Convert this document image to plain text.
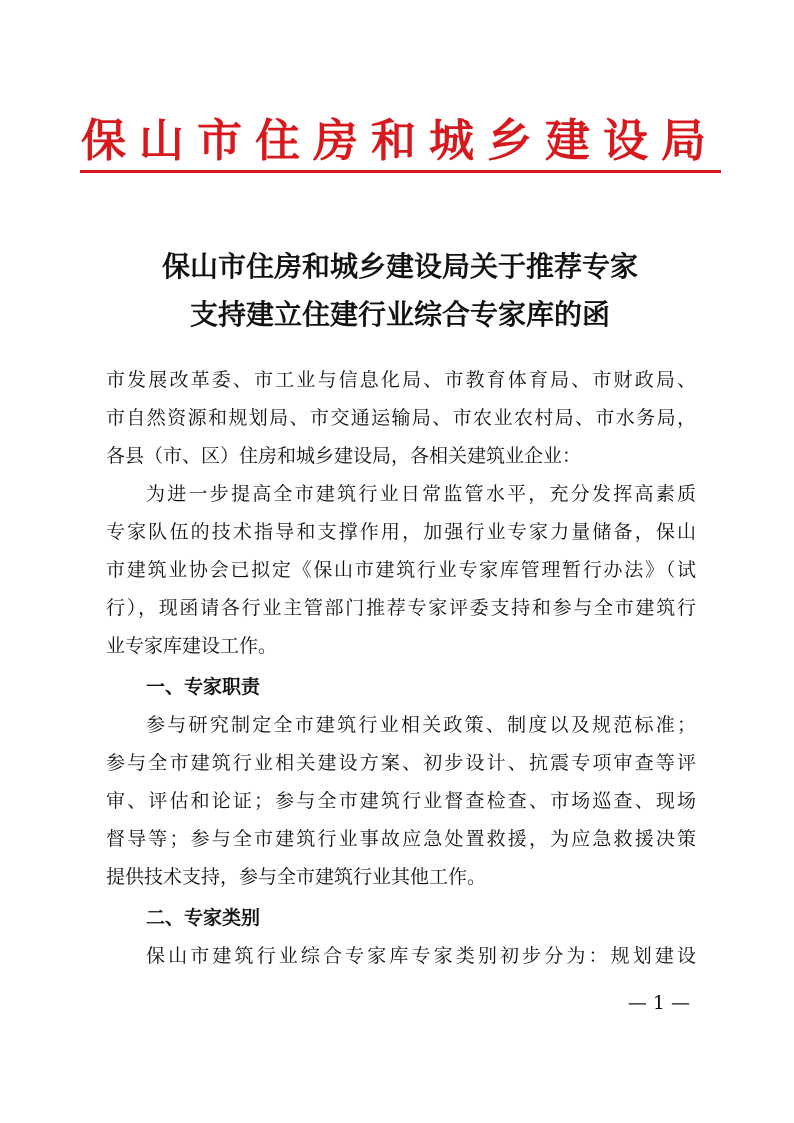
保山市住房和城乡建设局
保山市住房和城乡建设局关于推荐专家
支持建立住建行业综合专家库的函
市发展改革委、市工业与信息化局、市教育体育局、市财政局、
市自然资源和规划局、市交通运输局、市农业农村局、市水务局，
各县（市、区）住房和城乡建设局，各相关建筑业企业：
为进一步提高全市建筑行业日常监管水平，充分发挥高素质
专家队伍的技术指导和支撑作用，加强行业专家力量储备，保山
市建筑业协会已拟定《保山市建筑行业专家库管理暂行办法》（试
行），现函请各行业主管部门推荐专家评委支持和参与全市建筑行
业专家库建设工作。
一、专家职责
参与研究制定全市建筑行业相关政策、制度以及规范标准；
参与全市建筑行业相关建设方案、初步设计、抗震专项审查等评
审、评估和论证；参与全市建筑行业督查检查、市场巡查、现场
督导等；参与全市建筑行业事故应急处置救援，为应急救援决策
提供技术支持，参与全市建筑行业其他工作。
二、专家类别
保山市建筑行业综合专家库专家类别初步分为：规划建设
— 1 —
